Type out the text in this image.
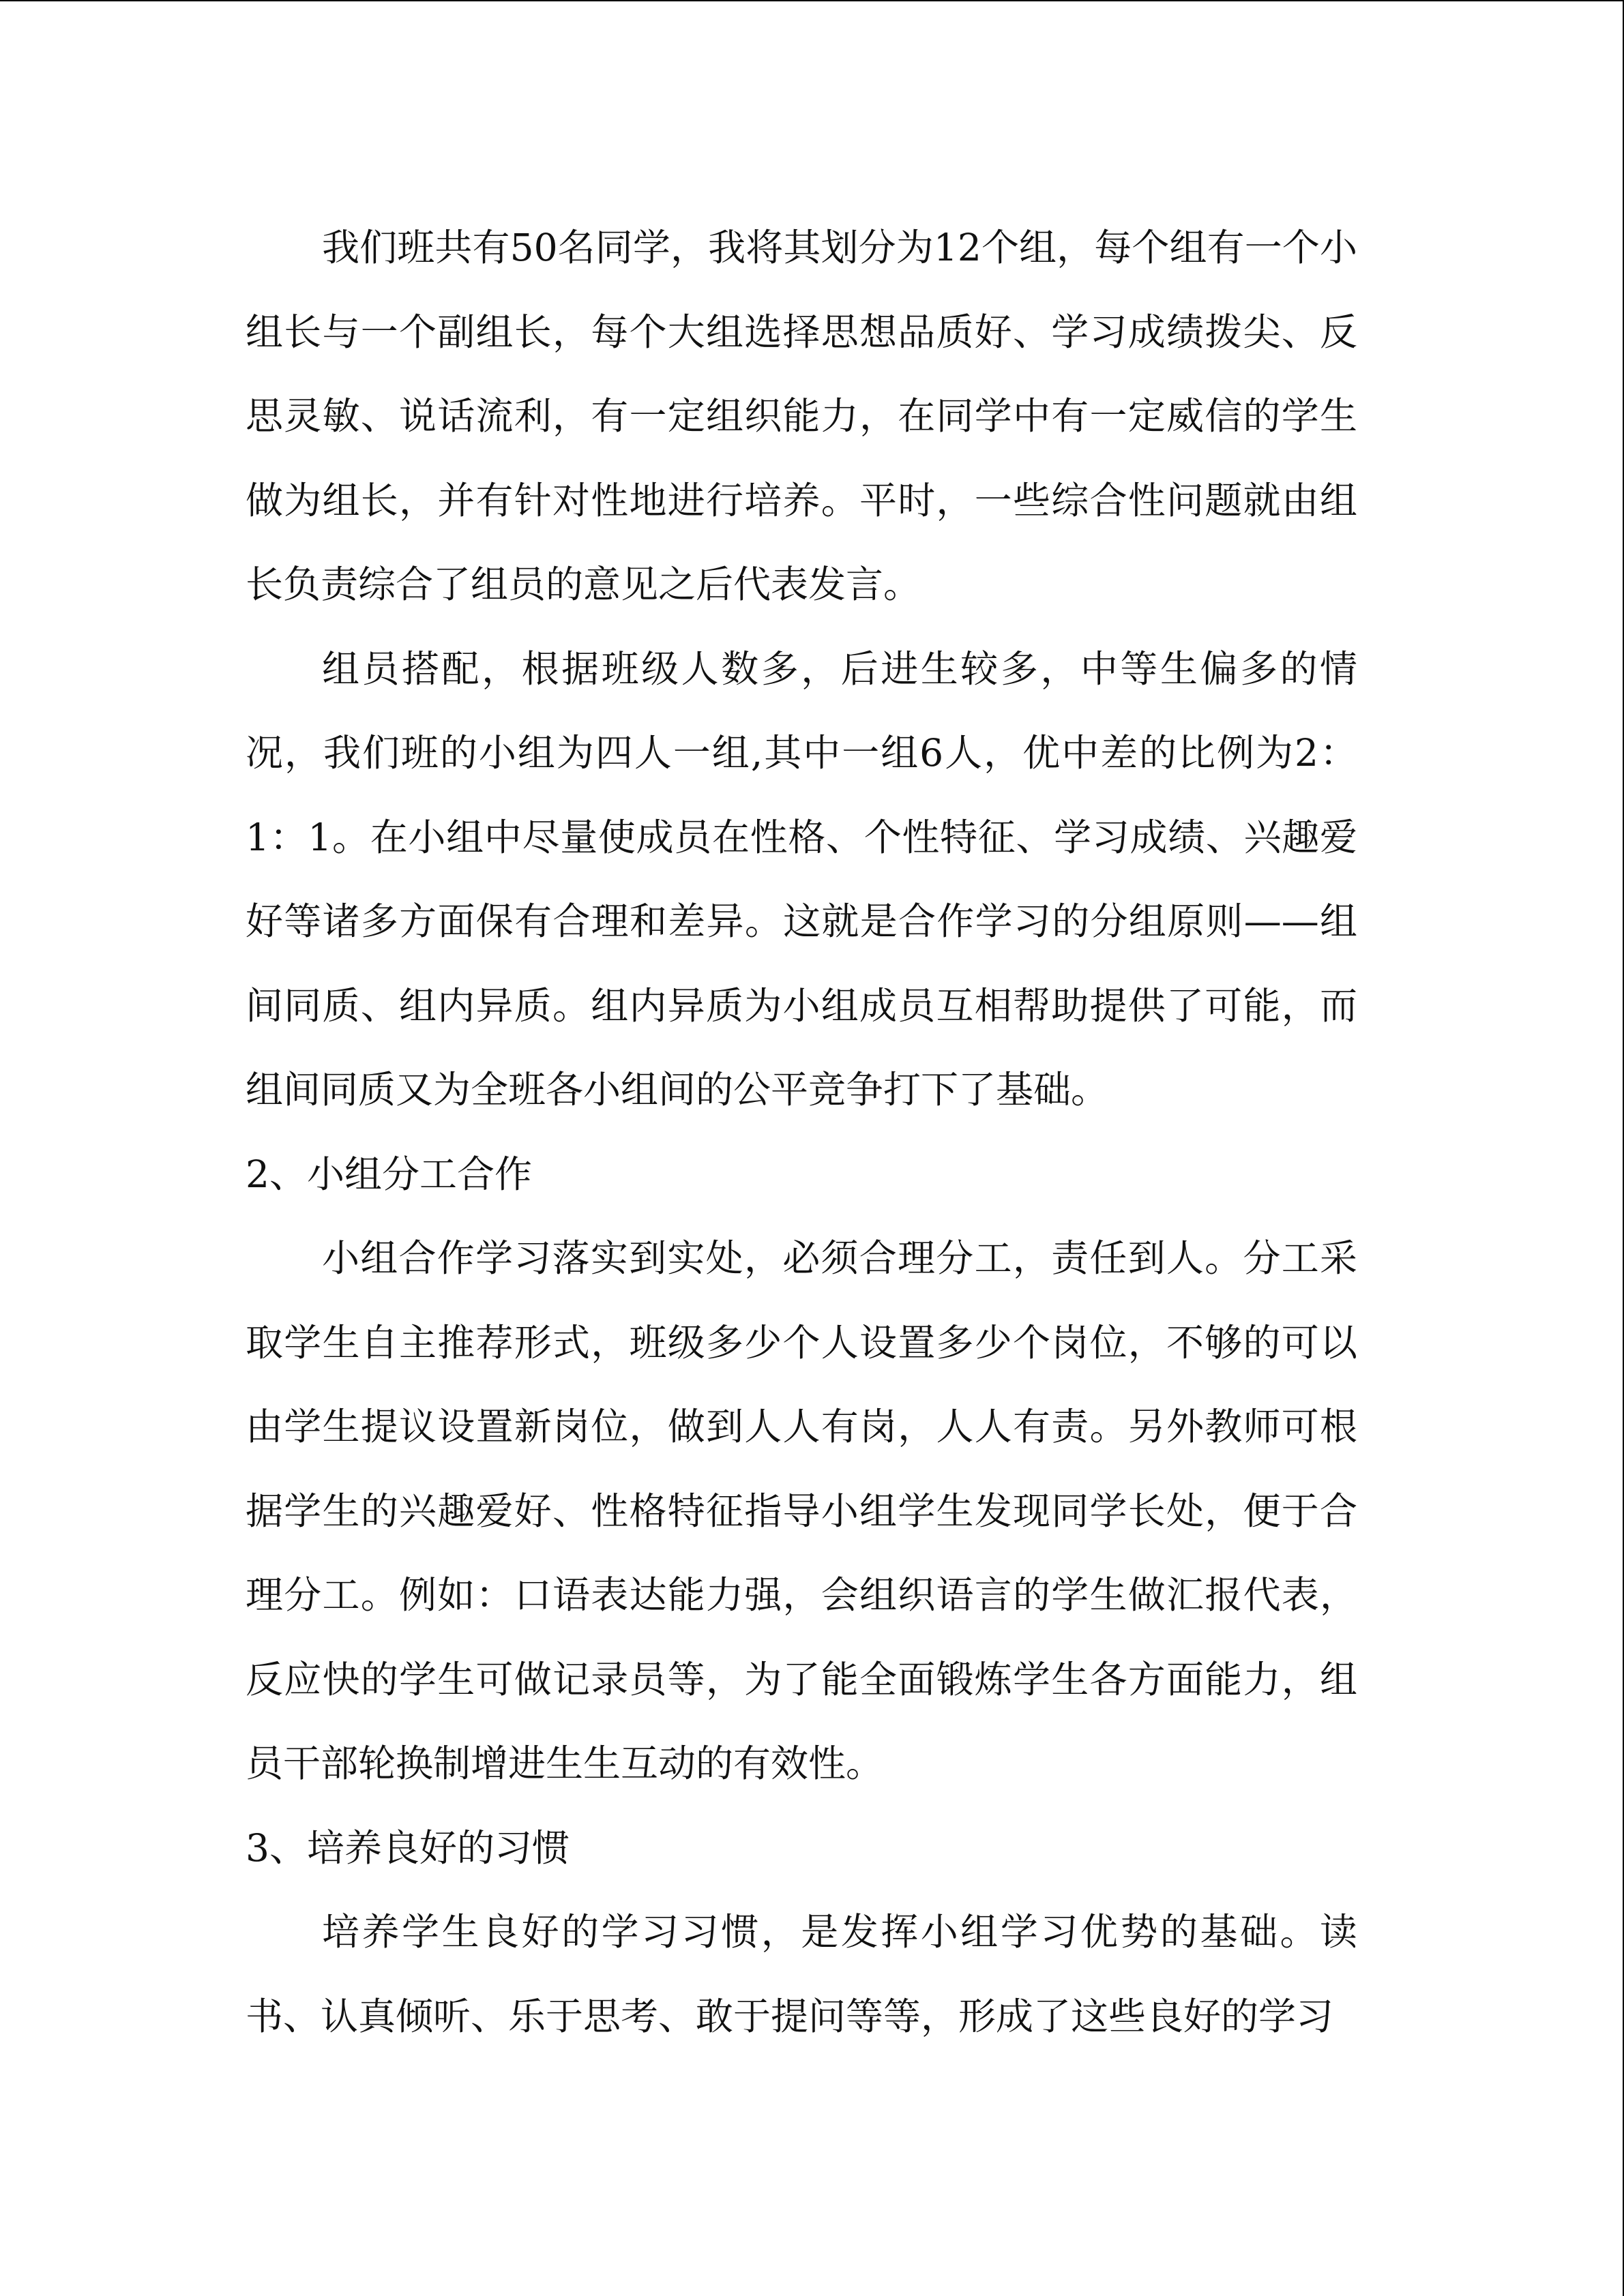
我们班共有50名同学，我将其划分为12个组，每个组有一个小组长与一个副组长，每个大组选择思想品质好、学习成绩拨尖、反思灵敏、说话流利，有一定组织能力，在同学中有一定威信的学生做为组长，并有针对性地进行培养。平时，一些综合性问题就由组长负责综合了组员的意见之后代表发言。

组员搭配，根据班级人数多，后进生较多，中等生偏多的情况，我们班的小组为四人一组,其中一组6人，优中差的比例为2：1：1。在小组中尽量使成员在性格、个性特征、学习成绩、兴趣爱好等诸多方面保有合理和差异。这就是合作学习的分组原则——组间同质、组内异质。组内异质为小组成员互相帮助提供了可能，而组间同质又为全班各小组间的公平竞争打下了基础。

2、小组分工合作

小组合作学习落实到实处，必须合理分工，责任到人。分工采取学生自主推荐形式，班级多少个人设置多少个岗位，不够的可以由学生提议设置新岗位，做到人人有岗，人人有责。另外教师可根据学生的兴趣爱好、性格特征指导小组学生发现同学长处，便于合理分工。例如：口语表达能力强，会组织语言的学生做汇报代表，反应快的学生可做记录员等，为了能全面锻炼学生各方面能力，组员干部轮换制增进生生互动的有效性。

3、培养良好的习惯

培养学生良好的学习习惯，是发挥小组学习优势的基础。读书、认真倾听、乐于思考、敢于提问等等，形成了这些良好的学习
